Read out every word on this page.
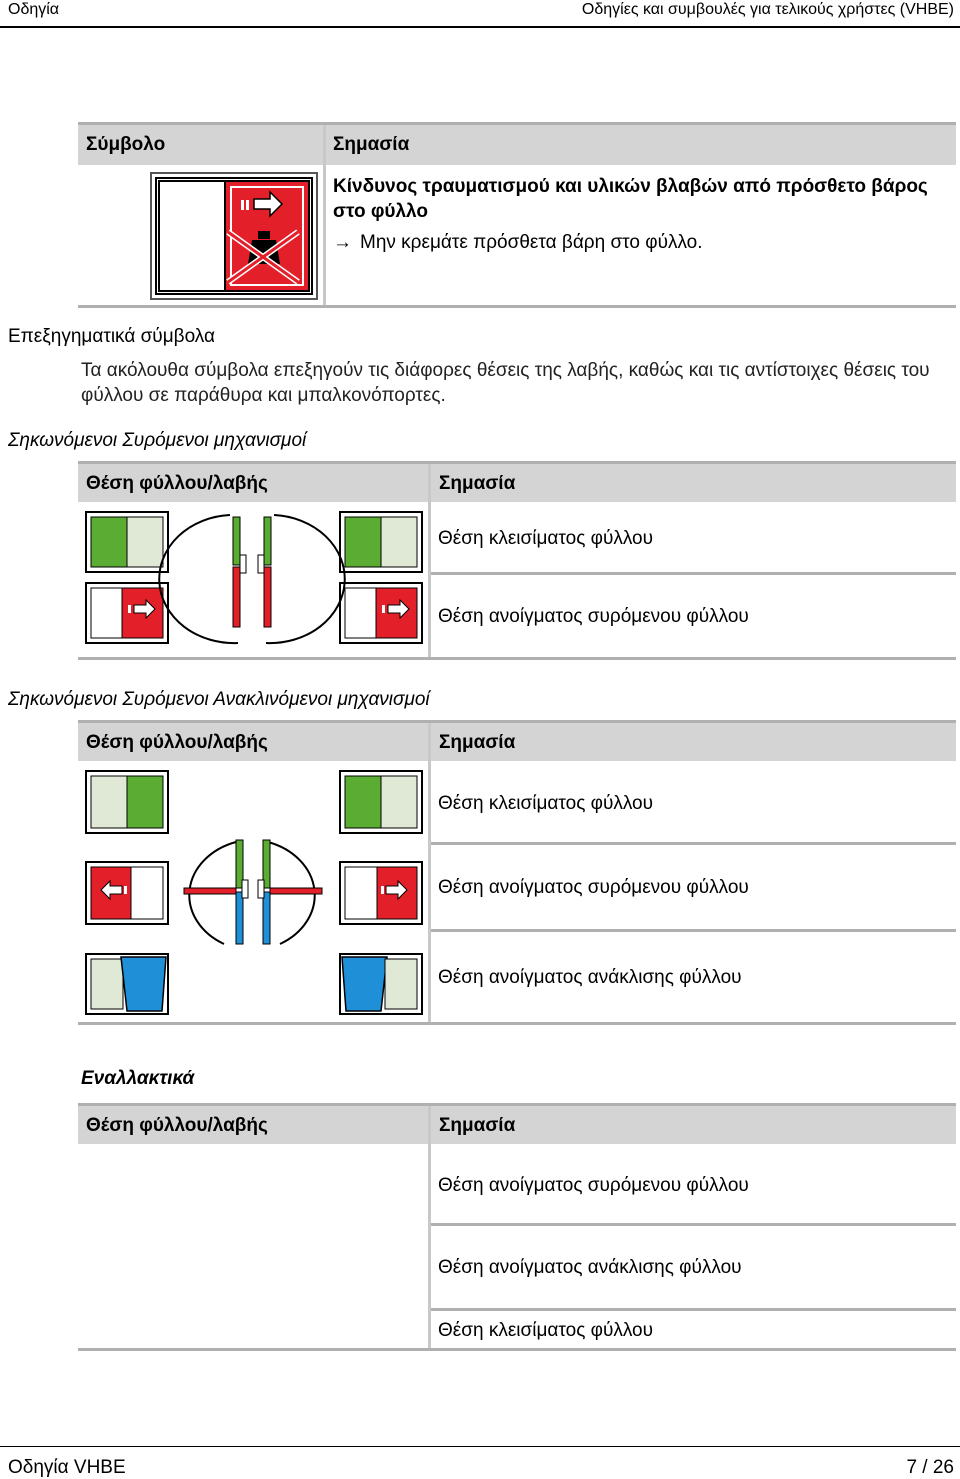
Οδηγία	Οδηγίες και συμβουλές για τελικούς χρήστες (VHBE)
Σύμβολο	Σημασία
Κίνδυνος τραυματισμού και υλικών βλαβών από πρόσθετο βάρος στο φύλλο
→ Μην κρεμάτε πρόσθετα βάρη στο φύλλο.
Επεξηγηματικά σύμβολα
Τα ακόλουθα σύμβολα επεξηγούν τις διάφορες θέσεις της λαβής, καθώς και τις αντίστοιχες θέσεις του φύλλου σε παράθυρα και μπαλκονόπορτες.
Σηκωνόμενοι Συρόμενοι μηχανισμοί
Θέση φύλλου/λαβής	Σημασία
Θέση κλεισίματος φύλλου
Θέση ανοίγματος συρόμενου φύλλου
Σηκωνόμενοι Συρόμενοι Ανακλινόμενοι μηχανισμοί
Θέση φύλλου/λαβής	Σημασία
Θέση κλεισίματος φύλλου
Θέση ανοίγματος συρόμενου φύλλου
Θέση ανοίγματος ανάκλισης φύλλου
Εναλλακτικά
Θέση φύλλου/λαβής	Σημασία
Θέση ανοίγματος συρόμενου φύλλου
Θέση ανοίγματος ανάκλισης φύλλου
Θέση κλεισίματος φύλλου
Οδηγία VHBE	7 / 26
